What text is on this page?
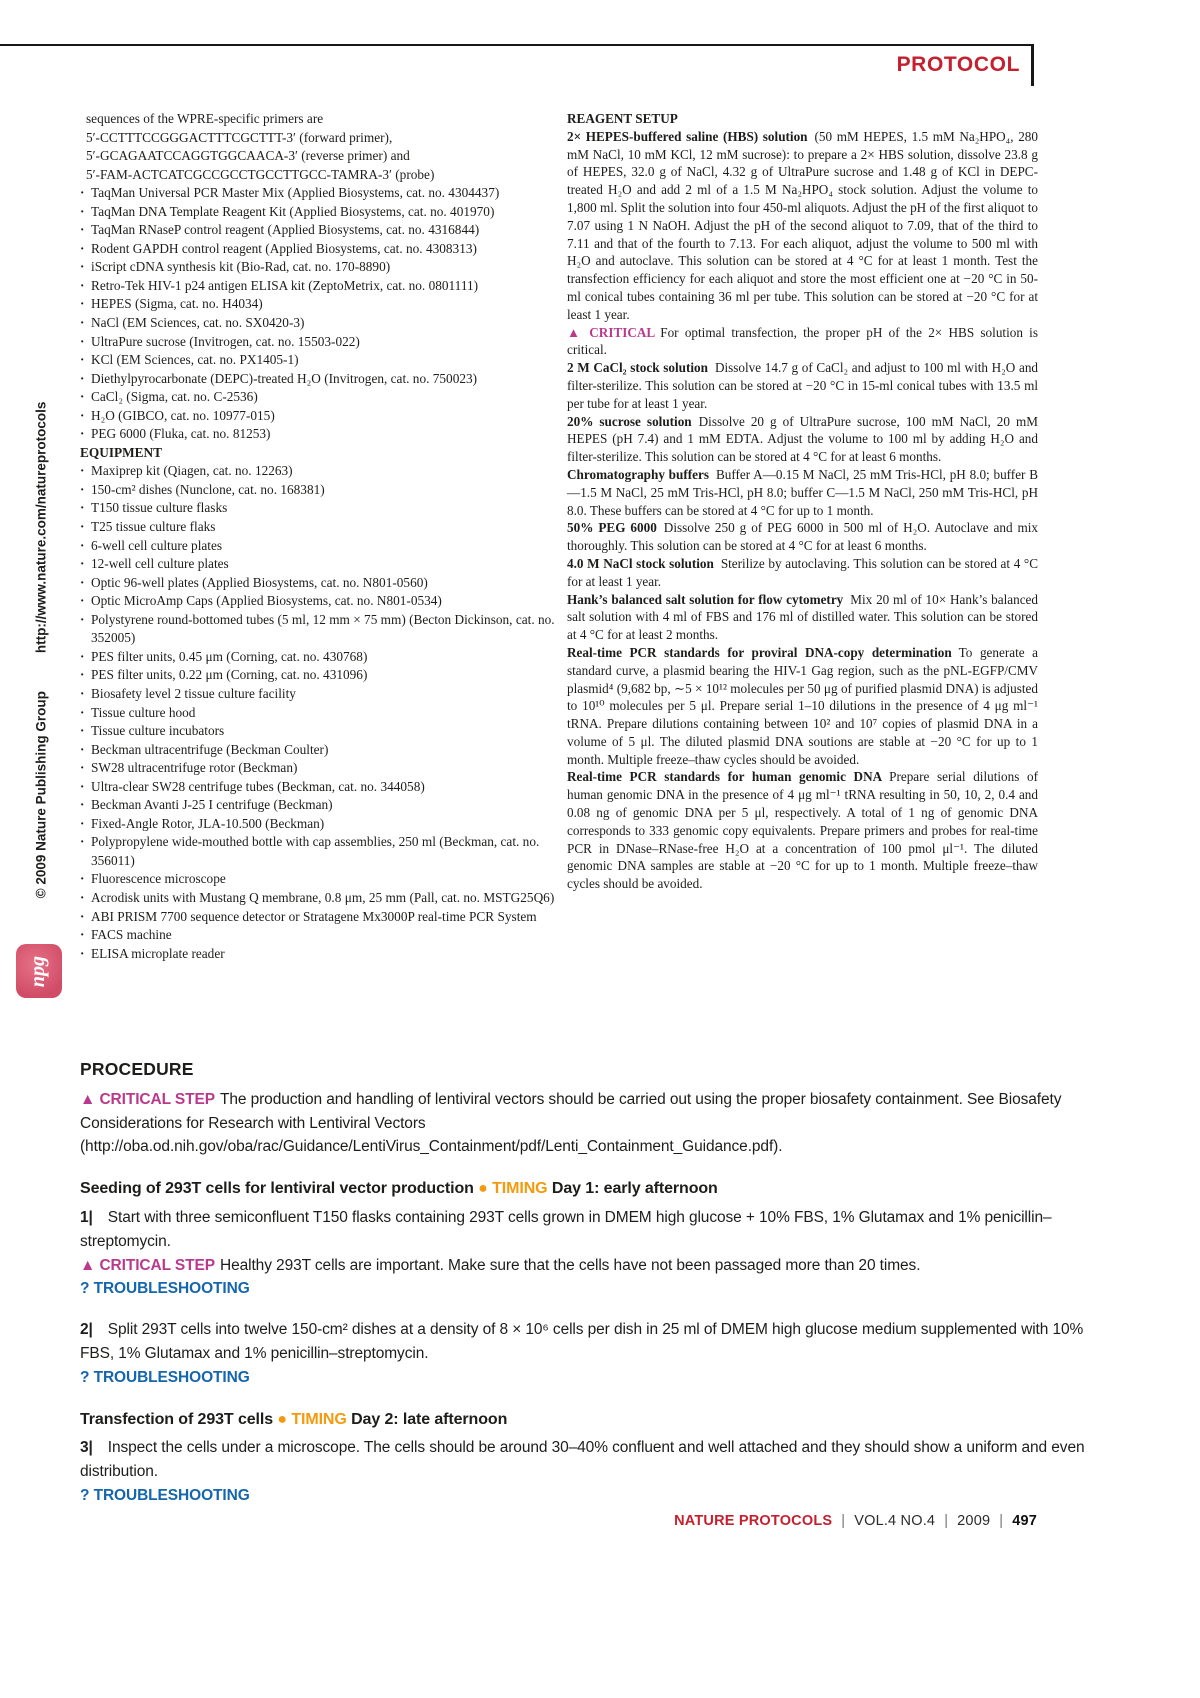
PROTOCOL
© 2009 Nature Publishing Group
http://www.nature.com/natureprotocols
npg
sequences of the WPRE-specific primers are
5′-CCTTTCCGGGACTTTCGCTTT-3′ (forward primer),
5′-GCAGAATCCAGGTGGCAACA-3′ (reverse primer) and
5′-FAM-ACTCATCGCCGCCTGCCTTGCC-TAMRA-3′ (probe)
· TaqMan Universal PCR Master Mix (Applied Biosystems, cat. no. 4304437)
· TaqMan DNA Template Reagent Kit (Applied Biosystems, cat. no. 401970)
· TaqMan RNaseP control reagent (Applied Biosystems, cat. no. 4316844)
· Rodent GAPDH control reagent (Applied Biosystems, cat. no. 4308313)
· iScript cDNA synthesis kit (Bio-Rad, cat. no. 170-8890)
· Retro-Tek HIV-1 p24 antigen ELISA kit (ZeptoMetrix, cat. no. 0801111)
· HEPES (Sigma, cat. no. H4034)
· NaCl (EM Sciences, cat. no. SX0420-3)
· UltraPure sucrose (Invitrogen, cat. no. 15503-022)
· KCl (EM Sciences, cat. no. PX1405-1)
· Diethylpyrocarbonate (DEPC)-treated H₂O (Invitrogen, cat. no. 750023)
· CaCl₂ (Sigma, cat. no. C-2536)
· H₂O (GIBCO, cat. no. 10977-015)
· PEG 6000 (Fluka, cat. no. 81253)
EQUIPMENT
· Maxiprep kit (Qiagen, cat. no. 12263)
· 150-cm² dishes (Nunclone, cat. no. 168381)
· T150 tissue culture flasks
· T25 tissue culture flaks
· 6-well cell culture plates
· 12-well cell culture plates
· Optic 96-well plates (Applied Biosystems, cat. no. N801-0560)
· Optic MicroAmp Caps (Applied Biosystems, cat. no. N801-0534)
· Polystyrene round-bottomed tubes (5 ml, 12 mm × 75 mm) (Becton Dickinson, cat. no. 352005)
· PES filter units, 0.45 μm (Corning, cat. no. 430768)
· PES filter units, 0.22 μm (Corning, cat. no. 431096)
· Biosafety level 2 tissue culture facility
· Tissue culture hood
· Tissue culture incubators
· Beckman ultracentrifuge (Beckman Coulter)
· SW28 ultracentrifuge rotor (Beckman)
· Ultra-clear SW28 centrifuge tubes (Beckman, cat. no. 344058)
· Beckman Avanti J-25 I centrifuge (Beckman)
· Fixed-Angle Rotor, JLA-10.500 (Beckman)
· Polypropylene wide-mouthed bottle with cap assemblies, 250 ml (Beckman, cat. no. 356011)
· Fluorescence microscope
· Acrodisk units with Mustang Q membrane, 0.8 μm, 25 mm (Pall, cat. no. MSTG25Q6)
· ABI PRISM 7700 sequence detector or Stratagene Mx3000P real-time PCR System
· FACS machine
· ELISA microplate reader
REAGENT SETUP
2× HEPES-buffered saline (HBS) solution (50 mM HEPES, 1.5 mM Na₂HPO₄, 280 mM NaCl, 10 mM KCl, 12 mM sucrose): to prepare a 2× HBS solution, dissolve 23.8 g of HEPES, 32.0 g of NaCl, 4.32 g of UltraPure sucrose and 1.48 g of KCl in DEPC-treated H₂O and add 2 ml of a 1.5 M Na₂HPO₄ stock solution. Adjust the volume to 1,800 ml. Split the solution into four 450-ml aliquots. Adjust the pH of the first aliquot to 7.07 using 1 N NaOH. Adjust the pH of the second aliquot to 7.09, that of the third to 7.11 and that of the fourth to 7.13. For each aliquot, adjust the volume to 500 ml with H₂O and autoclave. This solution can be stored at 4 °C for at least 1 month. Test the transfection efficiency for each aliquot and store the most efficient one at −20 °C in 50-ml conical tubes containing 36 ml per tube. This solution can be stored at −20 °C for at least 1 year.
▲ CRITICAL For optimal transfection, the proper pH of the 2× HBS solution is critical.
2 M CaCl₂ stock solution Dissolve 14.7 g of CaCl₂ and adjust to 100 ml with H₂O and filter-sterilize. This solution can be stored at −20 °C in 15-ml conical tubes with 13.5 ml per tube for at least 1 year.
20% sucrose solution Dissolve 20 g of UltraPure sucrose, 100 mM NaCl, 20 mM HEPES (pH 7.4) and 1 mM EDTA. Adjust the volume to 100 ml by adding H₂O and filter-sterilize. This solution can be stored at 4 °C for at least 6 months.
Chromatography buffers Buffer A—0.15 M NaCl, 25 mM Tris-HCl, pH 8.0; buffer B—1.5 M NaCl, 25 mM Tris-HCl, pH 8.0; buffer C—1.5 M NaCl, 250 mM Tris-HCl, pH 8.0. These buffers can be stored at 4 °C for up to 1 month.
50% PEG 6000 Dissolve 250 g of PEG 6000 in 500 ml of H₂O. Autoclave and mix thoroughly. This solution can be stored at 4 °C for at least 6 months.
4.0 M NaCl stock solution Sterilize by autoclaving. This solution can be stored at 4 °C for at least 1 year.
Hank’s balanced salt solution for flow cytometry Mix 20 ml of 10× Hank’s balanced salt solution with 4 ml of FBS and 176 ml of distilled water. This solution can be stored at 4 °C for at least 2 months.
Real-time PCR standards for proviral DNA-copy determination To generate a standard curve, a plasmid bearing the HIV-1 Gag region, such as the pNL-EGFP/CMV plasmid⁴ (9,682 bp, ∼5 × 10¹² molecules per 50 μg of purified plasmid DNA) is adjusted to 10¹⁰ molecules per 5 μl. Prepare serial 1–10 dilutions in the presence of 4 μg ml⁻¹ tRNA. Prepare dilutions containing between 10² and 10⁷ copies of plasmid DNA in a volume of 5 μl. The diluted plasmid DNA soutions are stable at −20 °C for up to 1 month. Multiple freeze–thaw cycles should be avoided.
Real-time PCR standards for human genomic DNA Prepare serial dilutions of human genomic DNA in the presence of 4 μg ml⁻¹ tRNA resulting in 50, 10, 2, 0.4 and 0.08 ng of genomic DNA per 5 μl, respectively. A total of 1 ng of genomic DNA corresponds to 333 genomic copy equivalents. Prepare primers and probes for real-time PCR in DNase–RNase-free H₂O at a concentration of 100 pmol μl⁻¹. The diluted genomic DNA samples are stable at −20 °C for up to 1 month. Multiple freeze–thaw cycles should be avoided.
PROCEDURE

▲ CRITICAL STEP The production and handling of lentiviral vectors should be carried out using the proper biosafety containment. See Biosafety Considerations for Research with Lentiviral Vectors (http://oba.od.nih.gov/oba/rac/Guidance/LentiVirus_Containment/pdf/Lenti_Containment_Guidance.pdf).

Seeding of 293T cells for lentiviral vector production ● TIMING Day 1: early afternoon

1| Start with three semiconfluent T150 flasks containing 293T cells grown in DMEM high glucose + 10% FBS, 1% Glutamax and 1% penicillin–streptomycin.

▲ CRITICAL STEP Healthy 293T cells are important. Make sure that the cells have not been passaged more than 20 times.

? TROUBLESHOOTING

2| Split 293T cells into twelve 150-cm² dishes at a density of 8 × 10⁶ cells per dish in 25 ml of DMEM high glucose medium supplemented with 10% FBS, 1% Glutamax and 1% penicillin–streptomycin.

? TROUBLESHOOTING

Transfection of 293T cells ● TIMING Day 2: late afternoon

3| Inspect the cells under a microscope. The cells should be around 30–40% confluent and well attached and they should show a uniform and even distribution.

? TROUBLESHOOTING

NATURE PROTOCOLS | VOL.4 NO.4 | 2009 | 497
